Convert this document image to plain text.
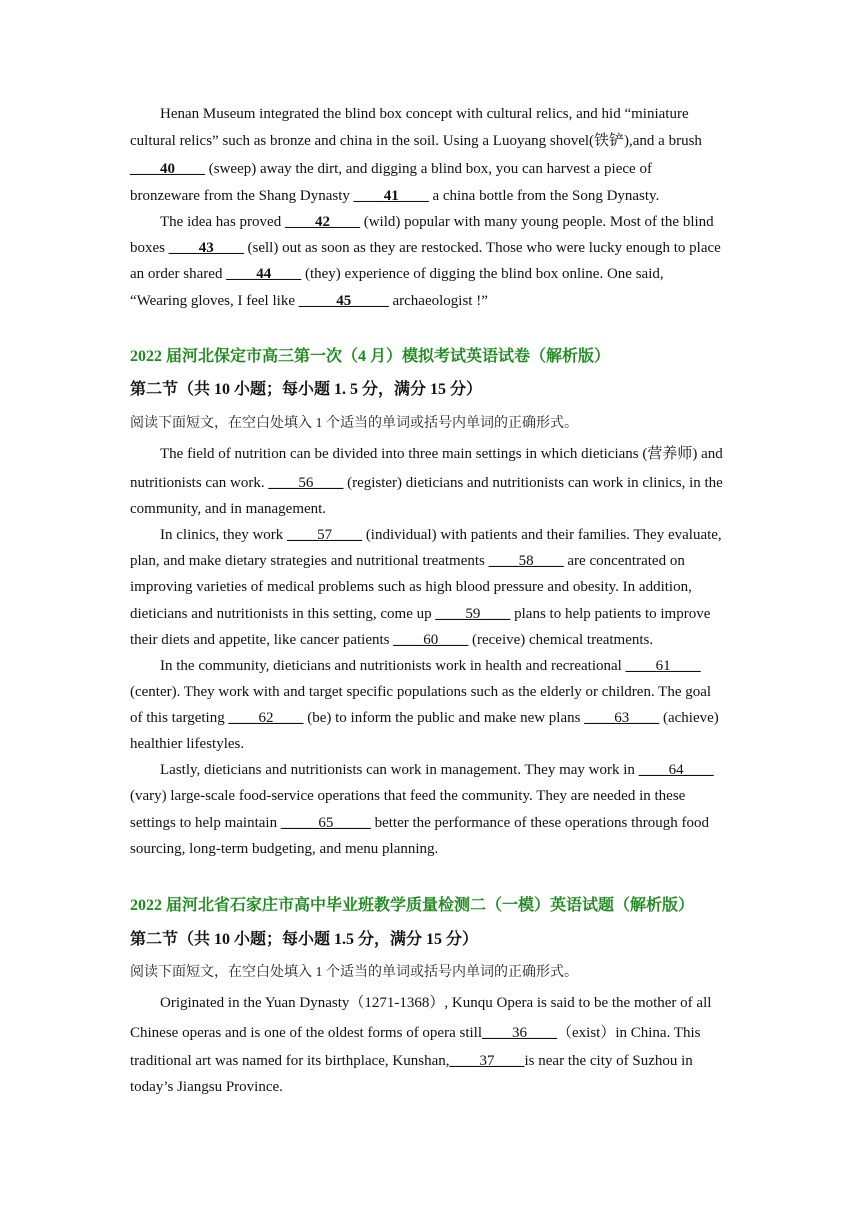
Henan Museum integrated the blind box concept with cultural relics, and hid “miniature
cultural relics” such as bronze and china in the soil. Using a Luoyang shovel(铁铲),and a brush
____40____ (sweep) away the dirt, and digging a blind box, you can harvest a piece of
bronzeware from the Shang Dynasty ____41____ a china bottle from the Song Dynasty.
The idea has proved ____42____ (wild) popular with many young people. Most of the blind
boxes ____43____ (sell) out as soon as they are restocked. Those who were lucky enough to place
an order shared ____44____ (they) experience of digging the blind box online. One said,
“Wearing gloves, I feel like _____45_____ archaeologist !”
2022 届河北保定市高三第一次（4 月）模拟考试英语试卷（解析版）
第二节（共 10 小题；每小题 1. 5 分，满分 15 分）
阅读下面短文，在空白处填入 1 个适当的单词或括号内单词的正确形式。
The field of nutrition can be divided into three main settings in which dieticians (营养师) and
nutritionists can work. ____56____ (register) dieticians and nutritionists can work in clinics, in the
community, and in management.
In clinics, they work ____57____ (individual) with patients and their families. They evaluate,
plan, and make dietary strategies and nutritional treatments ____58____ are concentrated on
improving varieties of medical problems such as high blood pressure and obesity. In addition,
dieticians and nutritionists in this setting, come up ____59____ plans to help patients to improve
their diets and appetite, like cancer patients ____60____ (receive) chemical treatments.
In the community, dieticians and nutritionists work in health and recreational ____61____
(center). They work with and target specific populations such as the elderly or children. The goal
of this targeting ____62____ (be) to inform the public and make new plans ____63____ (achieve)
healthier lifestyles.
Lastly, dieticians and nutritionists can work in management. They may work in ____64____
(vary) large-scale food-service operations that feed the community. They are needed in these
settings to help maintain _____65_____ better the performance of these operations through food
sourcing, long-term budgeting, and menu planning.
2022 届河北省石家庄市高中毕业班教学质量检测二（一模）英语试题（解析版）
第二节（共 10 小题；每小题 1.5 分，满分 15 分）
阅读下面短文，在空白处填入 1 个适当的单词或括号内单词的正确形式。
Originated in the Yuan Dynasty（1271-1368）, Kunqu Opera is said to be the mother of all
Chinese operas and is one of the oldest forms of opera still____36____（exist）in China. This
traditional art was named for its birthplace, Kunshan,____37____is near the city of Suzhou in
today’s Jiangsu Province.
